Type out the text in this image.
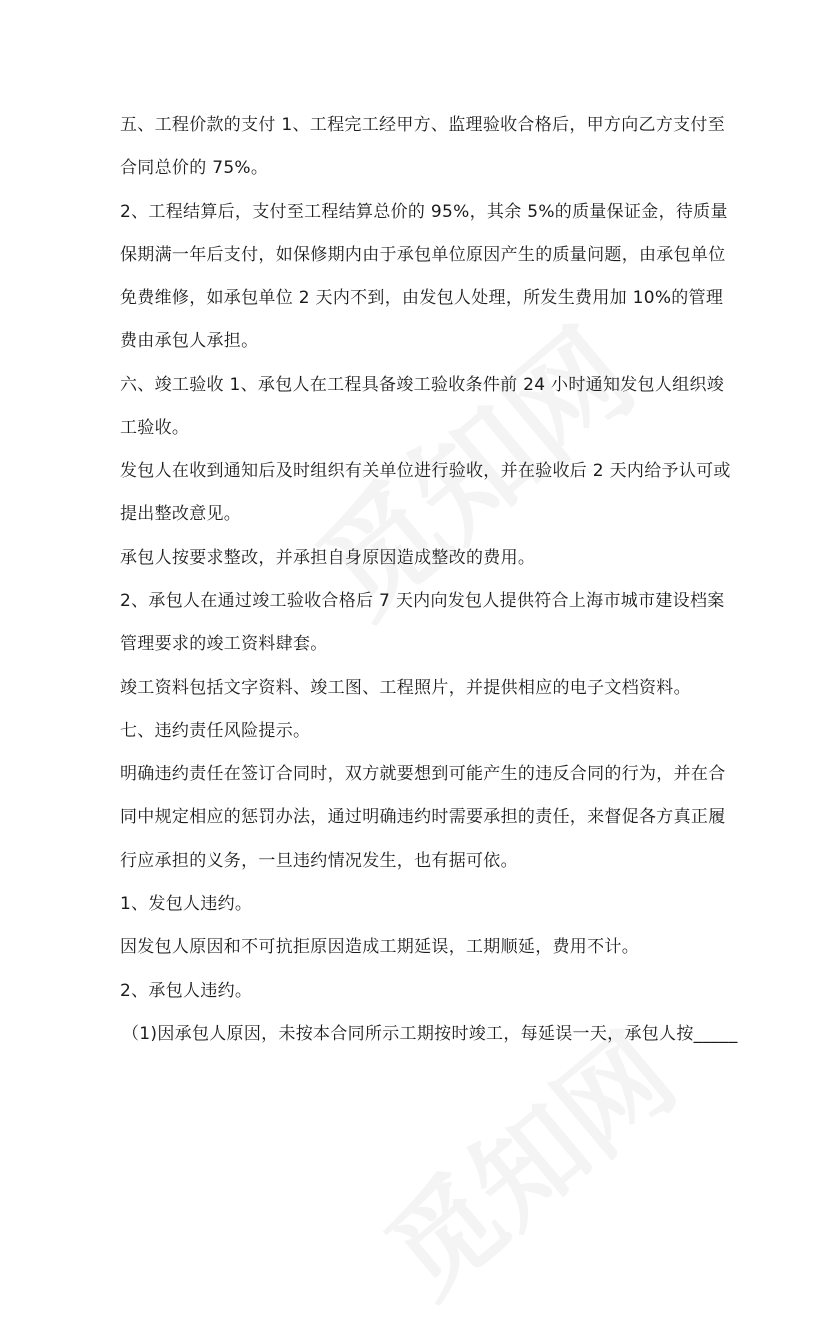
五、工程价款的支付 1、工程完工经甲方、监理验收合格后，甲方向乙方支付至
合同总价的 75%。
2、工程结算后，支付至工程结算总价的 95%，其余 5%的质量保证金，待质量
保期满一年后支付，如保修期内由于承包单位原因产生的质量问题，由承包单位
免费维修，如承包单位 2 天内不到，由发包人处理，所发生费用加 10%的管理
费由承包人承担。
六、竣工验收 1、承包人在工程具备竣工验收条件前 24 小时通知发包人组织竣
工验收。
发包人在收到通知后及时组织有关单位进行验收，并在验收后 2 天内给予认可或
提出整改意见。
承包人按要求整改，并承担自身原因造成整改的费用。
2、承包人在通过竣工验收合格后 7 天内向发包人提供符合上海市城市建设档案
管理要求的竣工资料肆套。
竣工资料包括文字资料、竣工图、工程照片，并提供相应的电子文档资料。
七、违约责任风险提示。
明确违约责任在签订合同时，双方就要想到可能产生的违反合同的行为，并在合
同中规定相应的惩罚办法，通过明确违约时需要承担的责任，来督促各方真正履
行应承担的义务，一旦违约情况发生，也有据可依。
1、发包人违约。
因发包人原因和不可抗拒原因造成工期延误，工期顺延，费用不计。
2、承包人违约。
（1)因承包人原因，未按本合同所示工期按时竣工，每延误一天，承包人按_____
